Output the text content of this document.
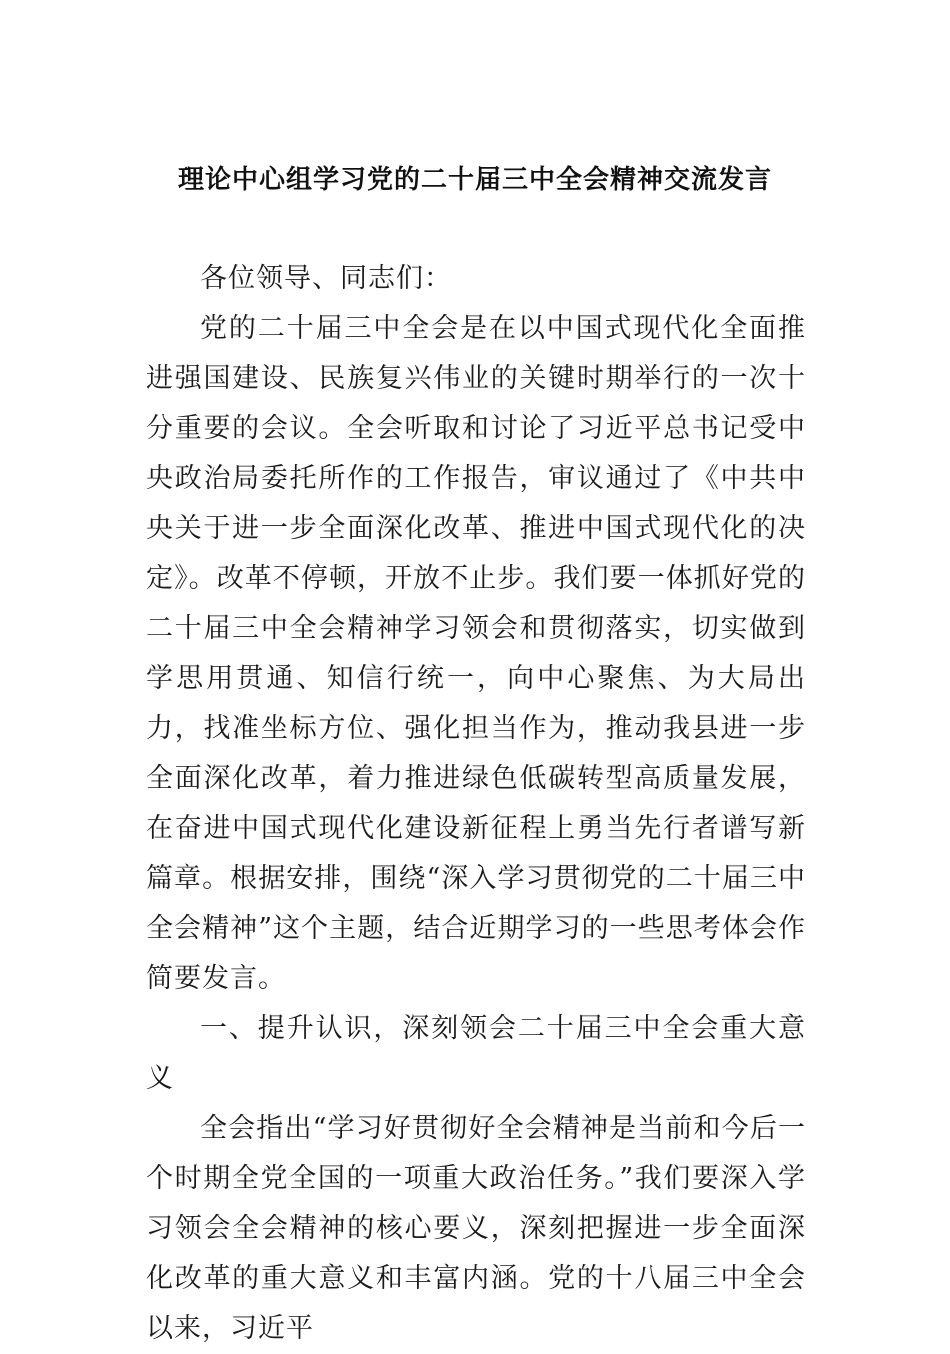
理论中心组学习党的二十届三中全会精神交流发言

各位领导、同志们：

党的二十届三中全会是在以中国式现代化全面推进强国建设、民族复兴伟业的关键时期举行的一次十分重要的会议。全会听取和讨论了习近平总书记受中央政治局委托所作的工作报告，审议通过了《中共中央关于进一步全面深化改革、推进中国式现代化的决定》。改革不停顿，开放不止步。我们要一体抓好党的二十届三中全会精神学习领会和贯彻落实，切实做到学思用贯通、知信行统一，向中心聚焦、为大局出力，找准坐标方位、强化担当作为，推动我县进一步全面深化改革，着力推进绿色低碳转型高质量发展，在奋进中国式现代化建设新征程上勇当先行者谱写新篇章。根据安排，围绕“深入学习贯彻党的二十届三中全会精神”这个主题，结合近期学习的一些思考体会作简要发言。

一、提升认识，深刻领会二十届三中全会重大意义

全会指出“学习好贯彻好全会精神是当前和今后一个时期全党全国的一项重大政治任务。”我们要深入学习领会全会精神的核心要义，深刻把握进一步全面深化改革的重大意义和丰富内涵。党的十八届三中全会以来，习近平
